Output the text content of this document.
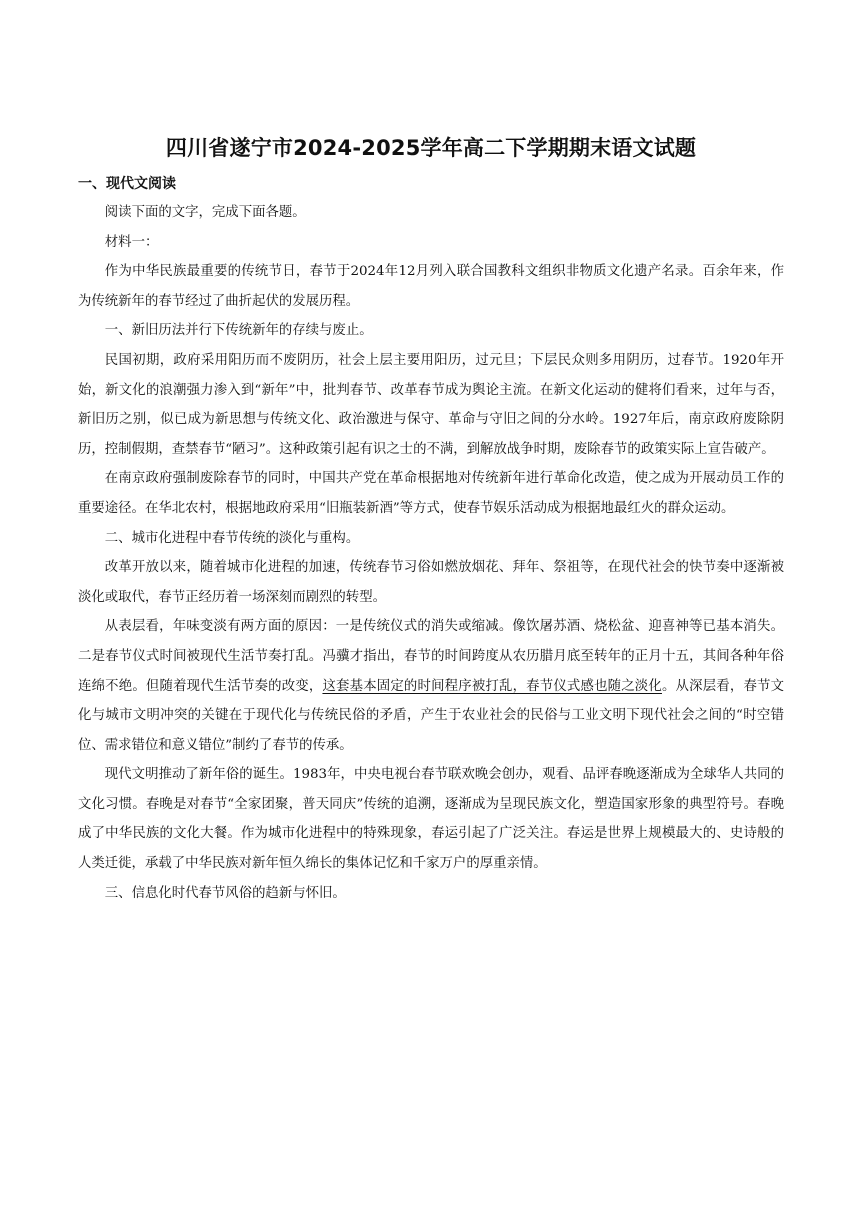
四川省遂宁市2024-2025学年高二下学期期末语文试题
一、现代文阅读

阅读下面的文字，完成下面各题。

材料一：

作为中华民族最重要的传统节日，春节于2024年12月列入联合国教科文组织非物质文化遗产名录。百余年来，作为传统新年的春节经过了曲折起伏的发展历程。

一、新旧历法并行下传统新年的存续与废止。

民国初期，政府采用阳历而不废阴历，社会上层主要用阳历，过元旦；下层民众则多用阴历，过春节。1920年开始，新文化的浪潮强力渗入到“新年”中，批判春节、改革春节成为舆论主流。在新文化运动的健将们看来，过年与否，新旧历之别，似已成为新思想与传统文化、政治激进与保守、革命与守旧之间的分水岭。1927年后，南京政府废除阴历，控制假期，查禁春节“陋习”。这种政策引起有识之士的不满，到解放战争时期，废除春节的政策实际上宣告破产。

在南京政府强制废除春节的同时，中国共产党在革命根据地对传统新年进行革命化改造，使之成为开展动员工作的重要途径。在华北农村，根据地政府采用“旧瓶装新酒”等方式，使春节娱乐活动成为根据地最红火的群众运动。

二、城市化进程中春节传统的淡化与重构。

改革开放以来，随着城市化进程的加速，传统春节习俗如燃放烟花、拜年、祭祖等，在现代社会的快节奏中逐渐被淡化或取代，春节正经历着一场深刻而剧烈的转型。

从表层看，年味变淡有两方面的原因：一是传统仪式的消失或缩减。像饮屠苏酒、烧松盆、迎喜神等已基本消失。二是春节仪式时间被现代生活节奏打乱。冯骥才指出，春节的时间跨度从农历腊月底至转年的正月十五，其间各种年俗连绵不绝。但随着现代生活节奏的改变，这套基本固定的时间程序被打乱，春节仪式感也随之淡化。从深层看，春节文化与城市文明冲突的关键在于现代化与传统民俗的矛盾，产生于农业社会的民俗与工业文明下现代社会之间的“时空错位、需求错位和意义错位”制约了春节的传承。

现代文明推动了新年俗的诞生。1983年，中央电视台春节联欢晚会创办，观看、品评春晚逐渐成为全球华人共同的文化习惯。春晚是对春节“全家团聚，普天同庆”传统的追溯，逐渐成为呈现民族文化，塑造国家形象的典型符号。春晚成了中华民族的文化大餐。作为城市化进程中的特殊现象，春运引起了广泛关注。春运是世界上规模最大的、史诗般的人类迁徙，承载了中华民族对新年恒久绵长的集体记忆和千家万户的厚重亲情。

三、信息化时代春节风俗的趋新与怀旧。
